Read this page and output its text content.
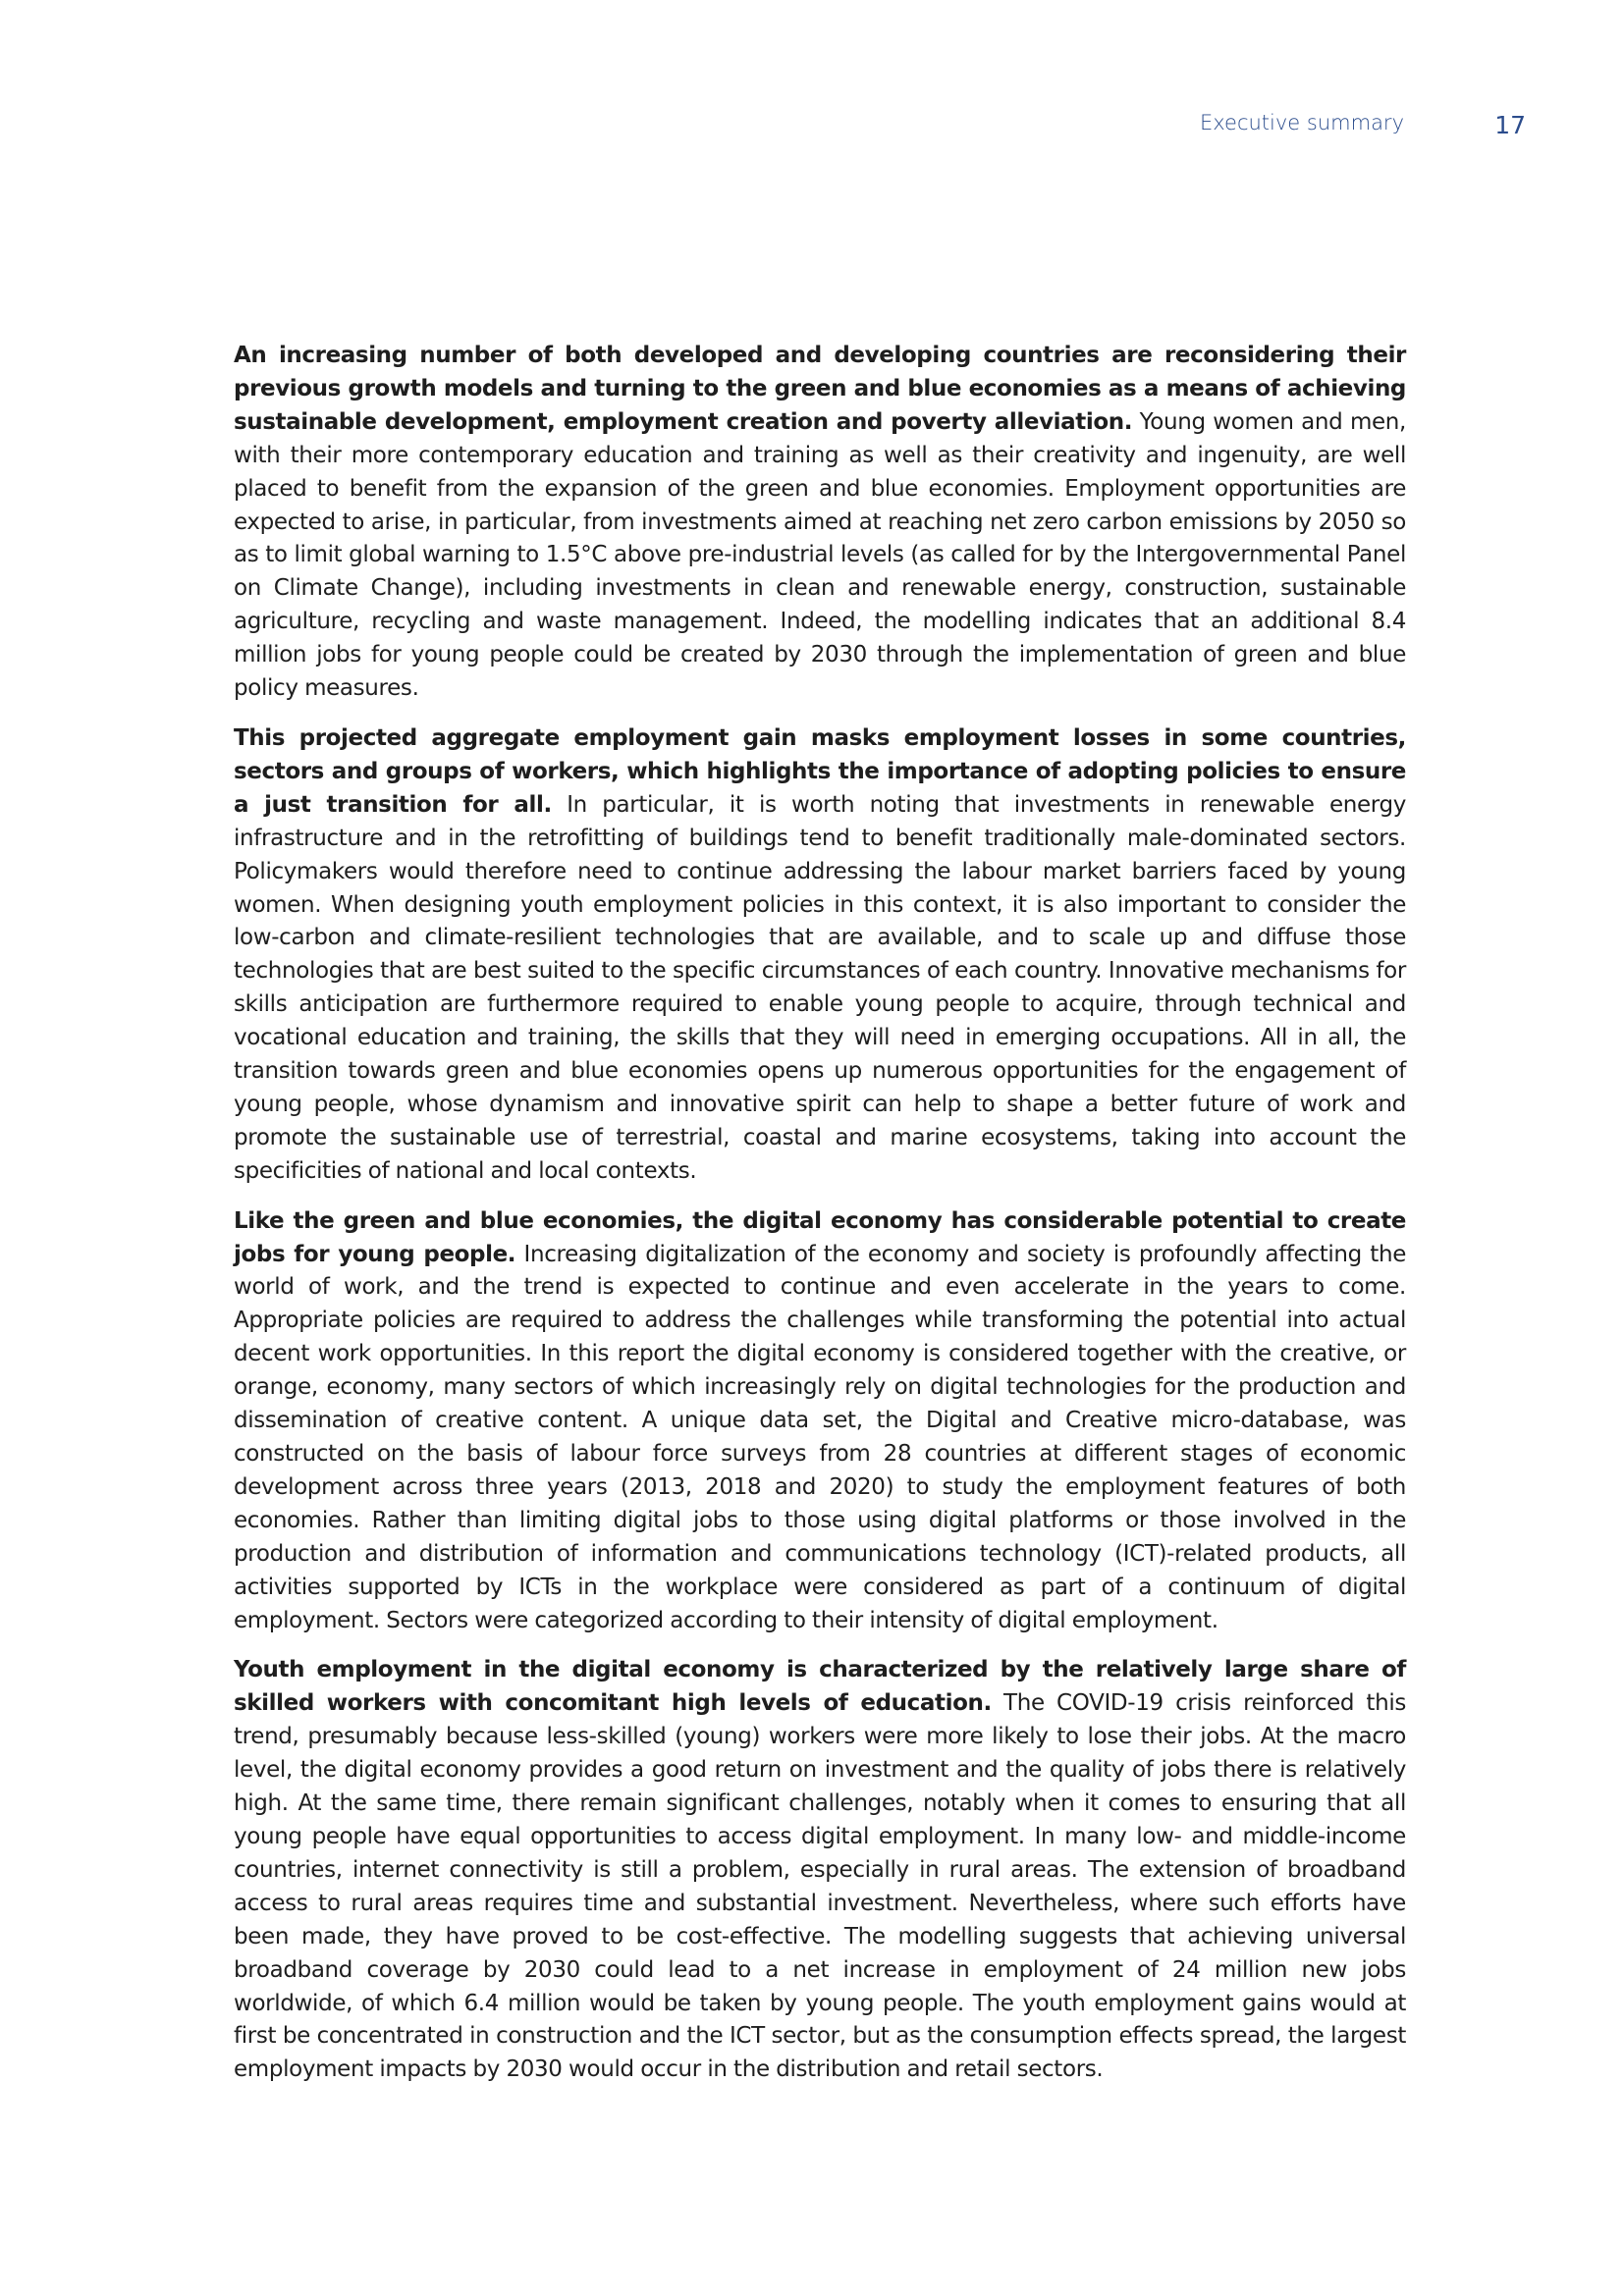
Executive summary	17

An increasing number of both developed and developing countries are reconsidering their previous growth models and turning to the green and blue economies as a means of achieving sustainable development, employment creation and poverty alleviation. Young women and men, with their more contemporary education and training as well as their creativity and ingenuity, are well placed to benefit from the expansion of the green and blue economies. Employment opportunities are expected to arise, in particular, from investments aimed at reaching net zero carbon emissions by 2050 so as to limit global warning to 1.5°C above pre-industrial levels (as called for by the Intergovernmental Panel on Climate Change), including investments in clean and renewable energy, construction, sustainable agriculture, recycling and waste management. Indeed, the modelling indicates that an additional 8.4 million jobs for young people could be created by 2030 through the implementation of green and blue policy measures.

This projected aggregate employment gain masks employment losses in some countries, sectors and groups of workers, which highlights the importance of adopting policies to ensure a just transition for all. In particular, it is worth noting that investments in renewable energy infrastructure and in the retrofitting of buildings tend to benefit traditionally male-dominated sectors. Policymakers would therefore need to continue addressing the labour market barriers faced by young women. When designing youth employment policies in this context, it is also important to consider the low-carbon and climate-resilient technologies that are available, and to scale up and diffuse those technologies that are best suited to the specific circumstances of each country. Innovative mechanisms for skills anticipation are furthermore required to enable young people to acquire, through technical and vocational education and training, the skills that they will need in emerging occupations. All in all, the transition towards green and blue economies opens up numerous opportunities for the engagement of young people, whose dynamism and innovative spirit can help to shape a better future of work and promote the sustainable use of terrestrial, coastal and marine ecosystems, taking into account the specificities of national and local contexts.

Like the green and blue economies, the digital economy has considerable potential to create jobs for young people. Increasing digitalization of the economy and society is profoundly affecting the world of work, and the trend is expected to continue and even accelerate in the years to come. Appropriate policies are required to address the challenges while transforming the potential into actual decent work opportunities. In this report the digital economy is considered together with the creative, or orange, economy, many sectors of which increasingly rely on digital technologies for the production and dissemination of creative content. A unique data set, the Digital and Creative micro-database, was constructed on the basis of labour force surveys from 28 countries at different stages of economic development across three years (2013, 2018 and 2020) to study the employment features of both economies. Rather than limiting digital jobs to those using digital platforms or those involved in the production and distribution of information and communications technology (ICT)-related products, all activities supported by ICTs in the workplace were considered as part of a continuum of digital employment. Sectors were categorized according to their intensity of digital employment.

Youth employment in the digital economy is characterized by the relatively large share of skilled workers with concomitant high levels of education. The COVID-19 crisis reinforced this trend, presumably because less-skilled (young) workers were more likely to lose their jobs. At the macro level, the digital economy provides a good return on investment and the quality of jobs there is relatively high. At the same time, there remain significant challenges, notably when it comes to ensuring that all young people have equal opportunities to access digital employment. In many low- and middle-income countries, internet connectivity is still a problem, especially in rural areas. The extension of broadband access to rural areas requires time and substantial investment. Nevertheless, where such efforts have been made, they have proved to be cost-effective. The modelling suggests that achieving universal broadband coverage by 2030 could lead to a net increase in employment of 24 million new jobs worldwide, of which 6.4 million would be taken by young people. The youth employment gains would at first be concentrated in construction and the ICT sector, but as the consumption effects spread, the largest employment impacts by 2030 would occur in the distribution and retail sectors.
